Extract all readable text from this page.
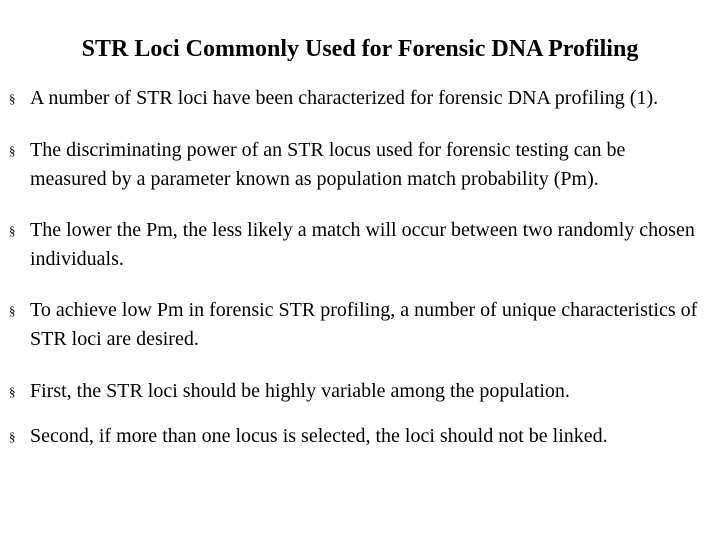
STR Loci Commonly Used for Forensic DNA Profiling
§ A number of STR loci have been characterized for forensic DNA profiling (1).
§ The discriminating power of an STR locus used for forensic testing can be measured by a parameter known as population match probability (Pm).
§ The lower the Pm, the less likely a match will occur between two randomly chosen individuals.
§ To achieve low Pm in forensic STR profiling, a number of unique characteristics of STR loci are desired.
§ First, the STR loci should be highly variable among the population.
§ Second, if more than one locus is selected, the loci should not be linked.
